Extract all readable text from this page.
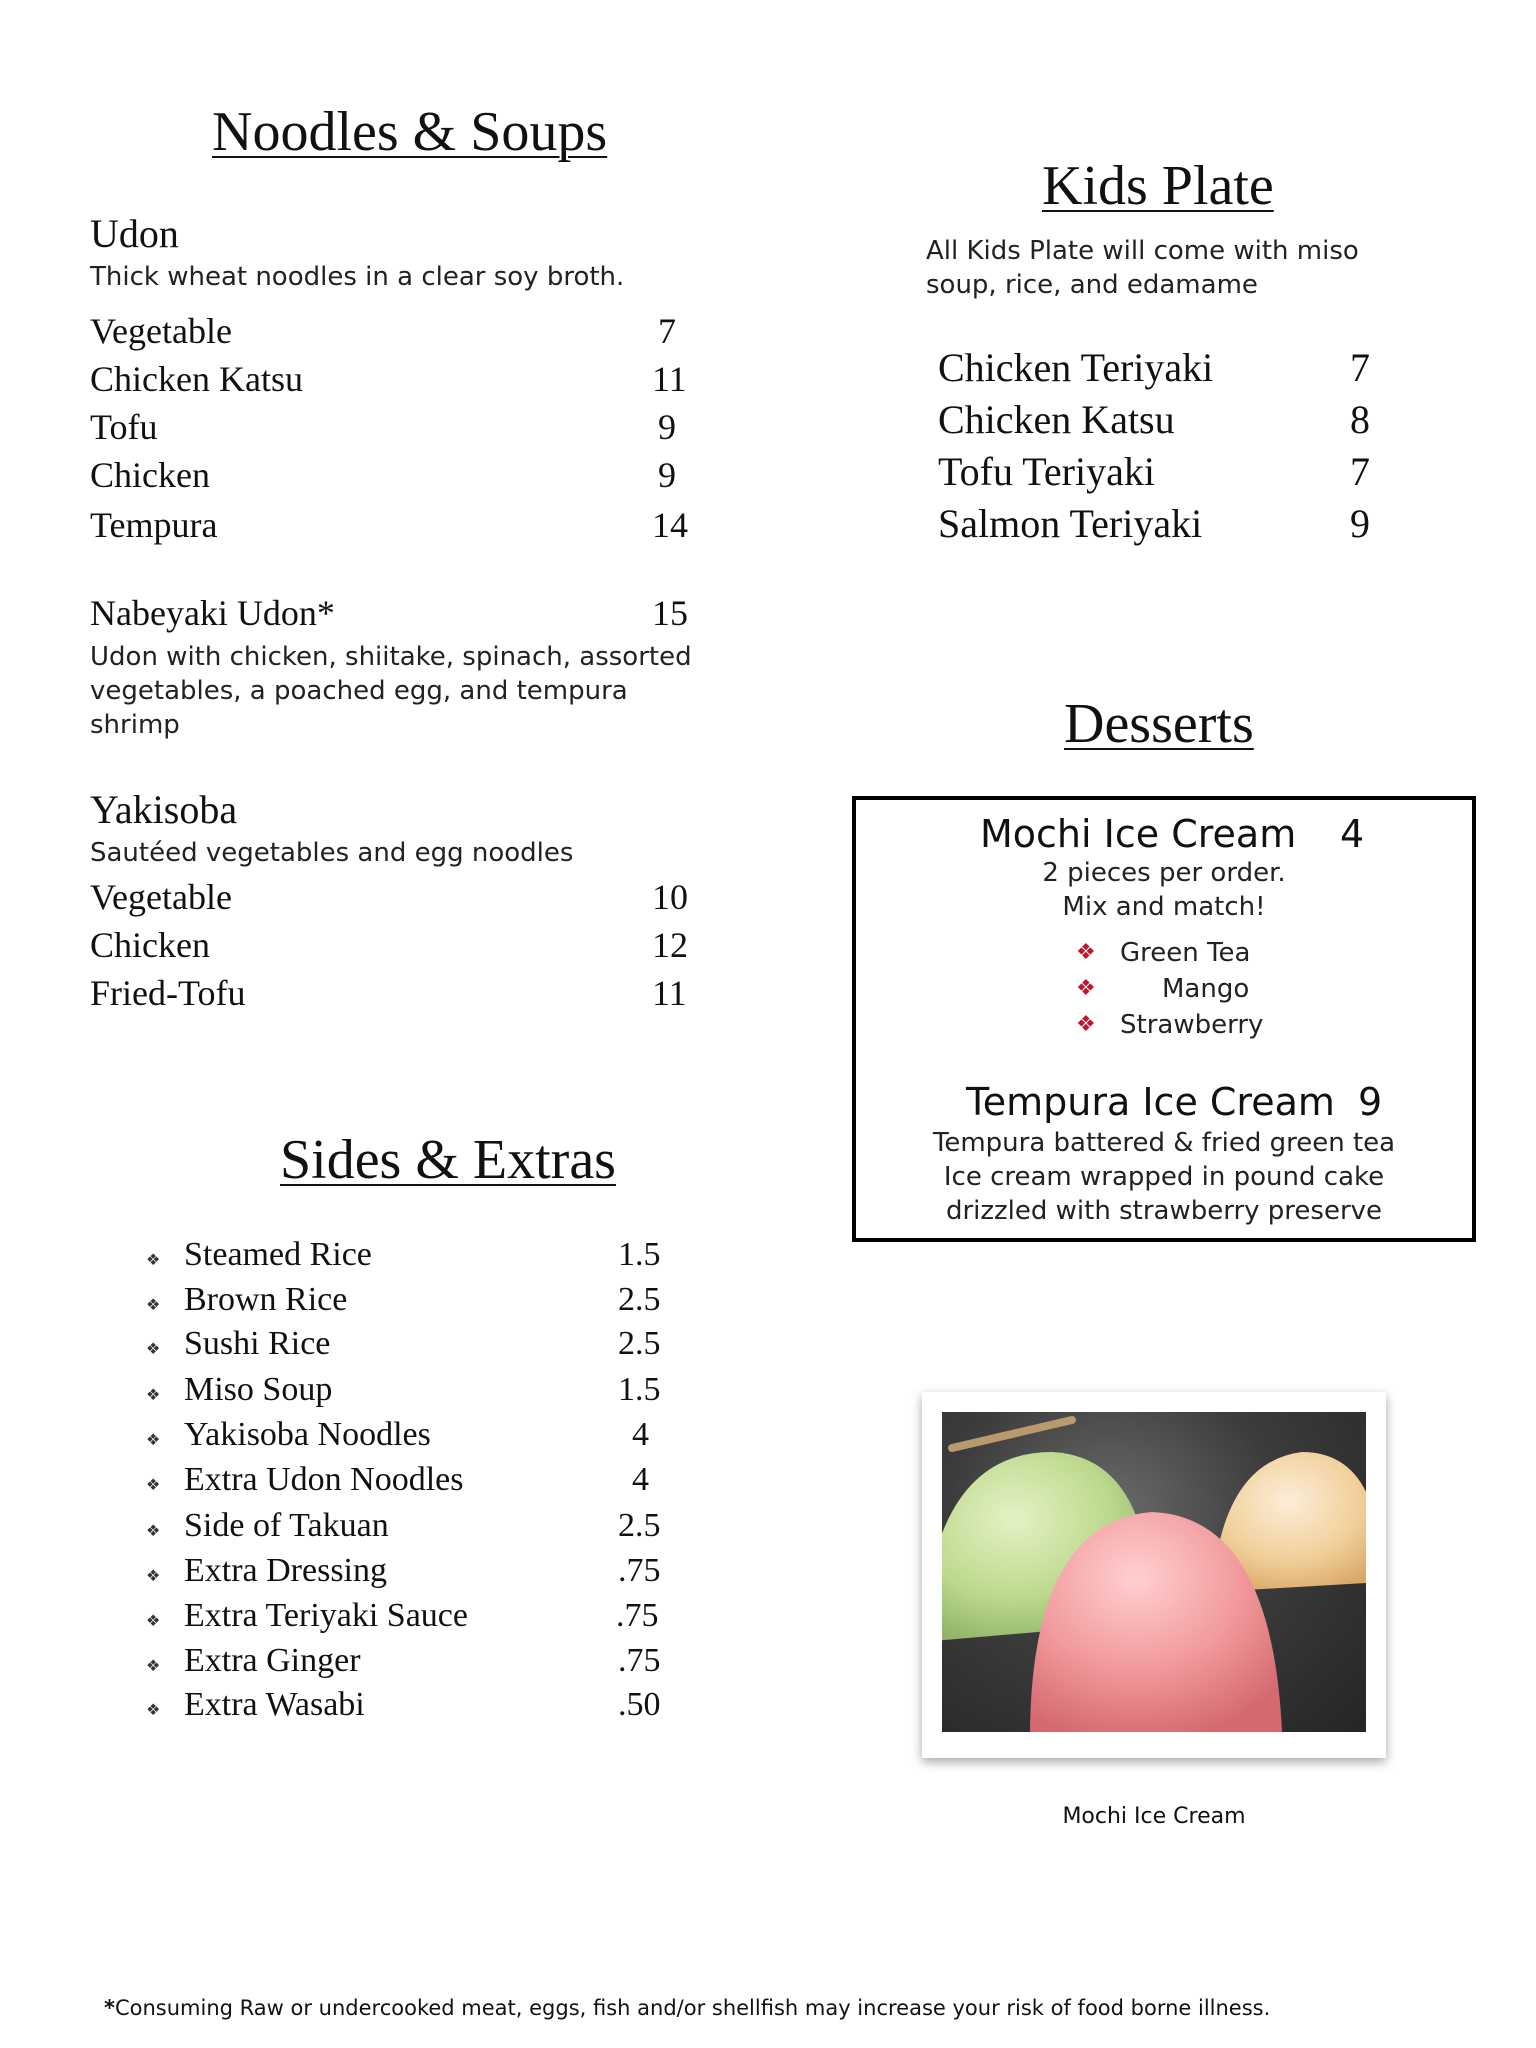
Noodles & Soups
Udon
Thick wheat noodles in a clear soy broth.
Vegetable	7
Chicken Katsu	11
Tofu	9
Chicken	9
Tempura	14
Nabeyaki Udon*	15
Udon with chicken, shiitake, spinach, assorted
vegetables, a poached egg, and tempura
shrimp
Yakisoba
Sautéed vegetables and egg noodles
Vegetable	10
Chicken	12
Fried-Tofu	11
Sides & Extras
❖ Steamed Rice	1.5
❖ Brown Rice	2.5
❖ Sushi Rice	2.5
❖ Miso Soup	1.5
❖ Yakisoba Noodles	4
❖ Extra Udon Noodles	4
❖ Side of Takuan	2.5
❖ Extra Dressing	.75
❖ Extra Teriyaki Sauce	.75
❖ Extra Ginger	.75
❖ Extra Wasabi	.50
Kids Plate
All Kids Plate will come with miso
soup, rice, and edamame
Chicken Teriyaki	7
Chicken Katsu	8
Tofu Teriyaki	7
Salmon Teriyaki	9
Desserts
Mochi Ice Cream 4
2 pieces per order.
Mix and match!
❖ Green Tea
❖	Mango
❖ Strawberry
Tempura Ice Cream 9
Tempura battered & fried green tea
Ice cream wrapped in pound cake
drizzled with strawberry preserve
Mochi Ice Cream
*Consuming Raw or undercooked meat, eggs, fish and/or shellfish may increase your risk of food borne illness.
